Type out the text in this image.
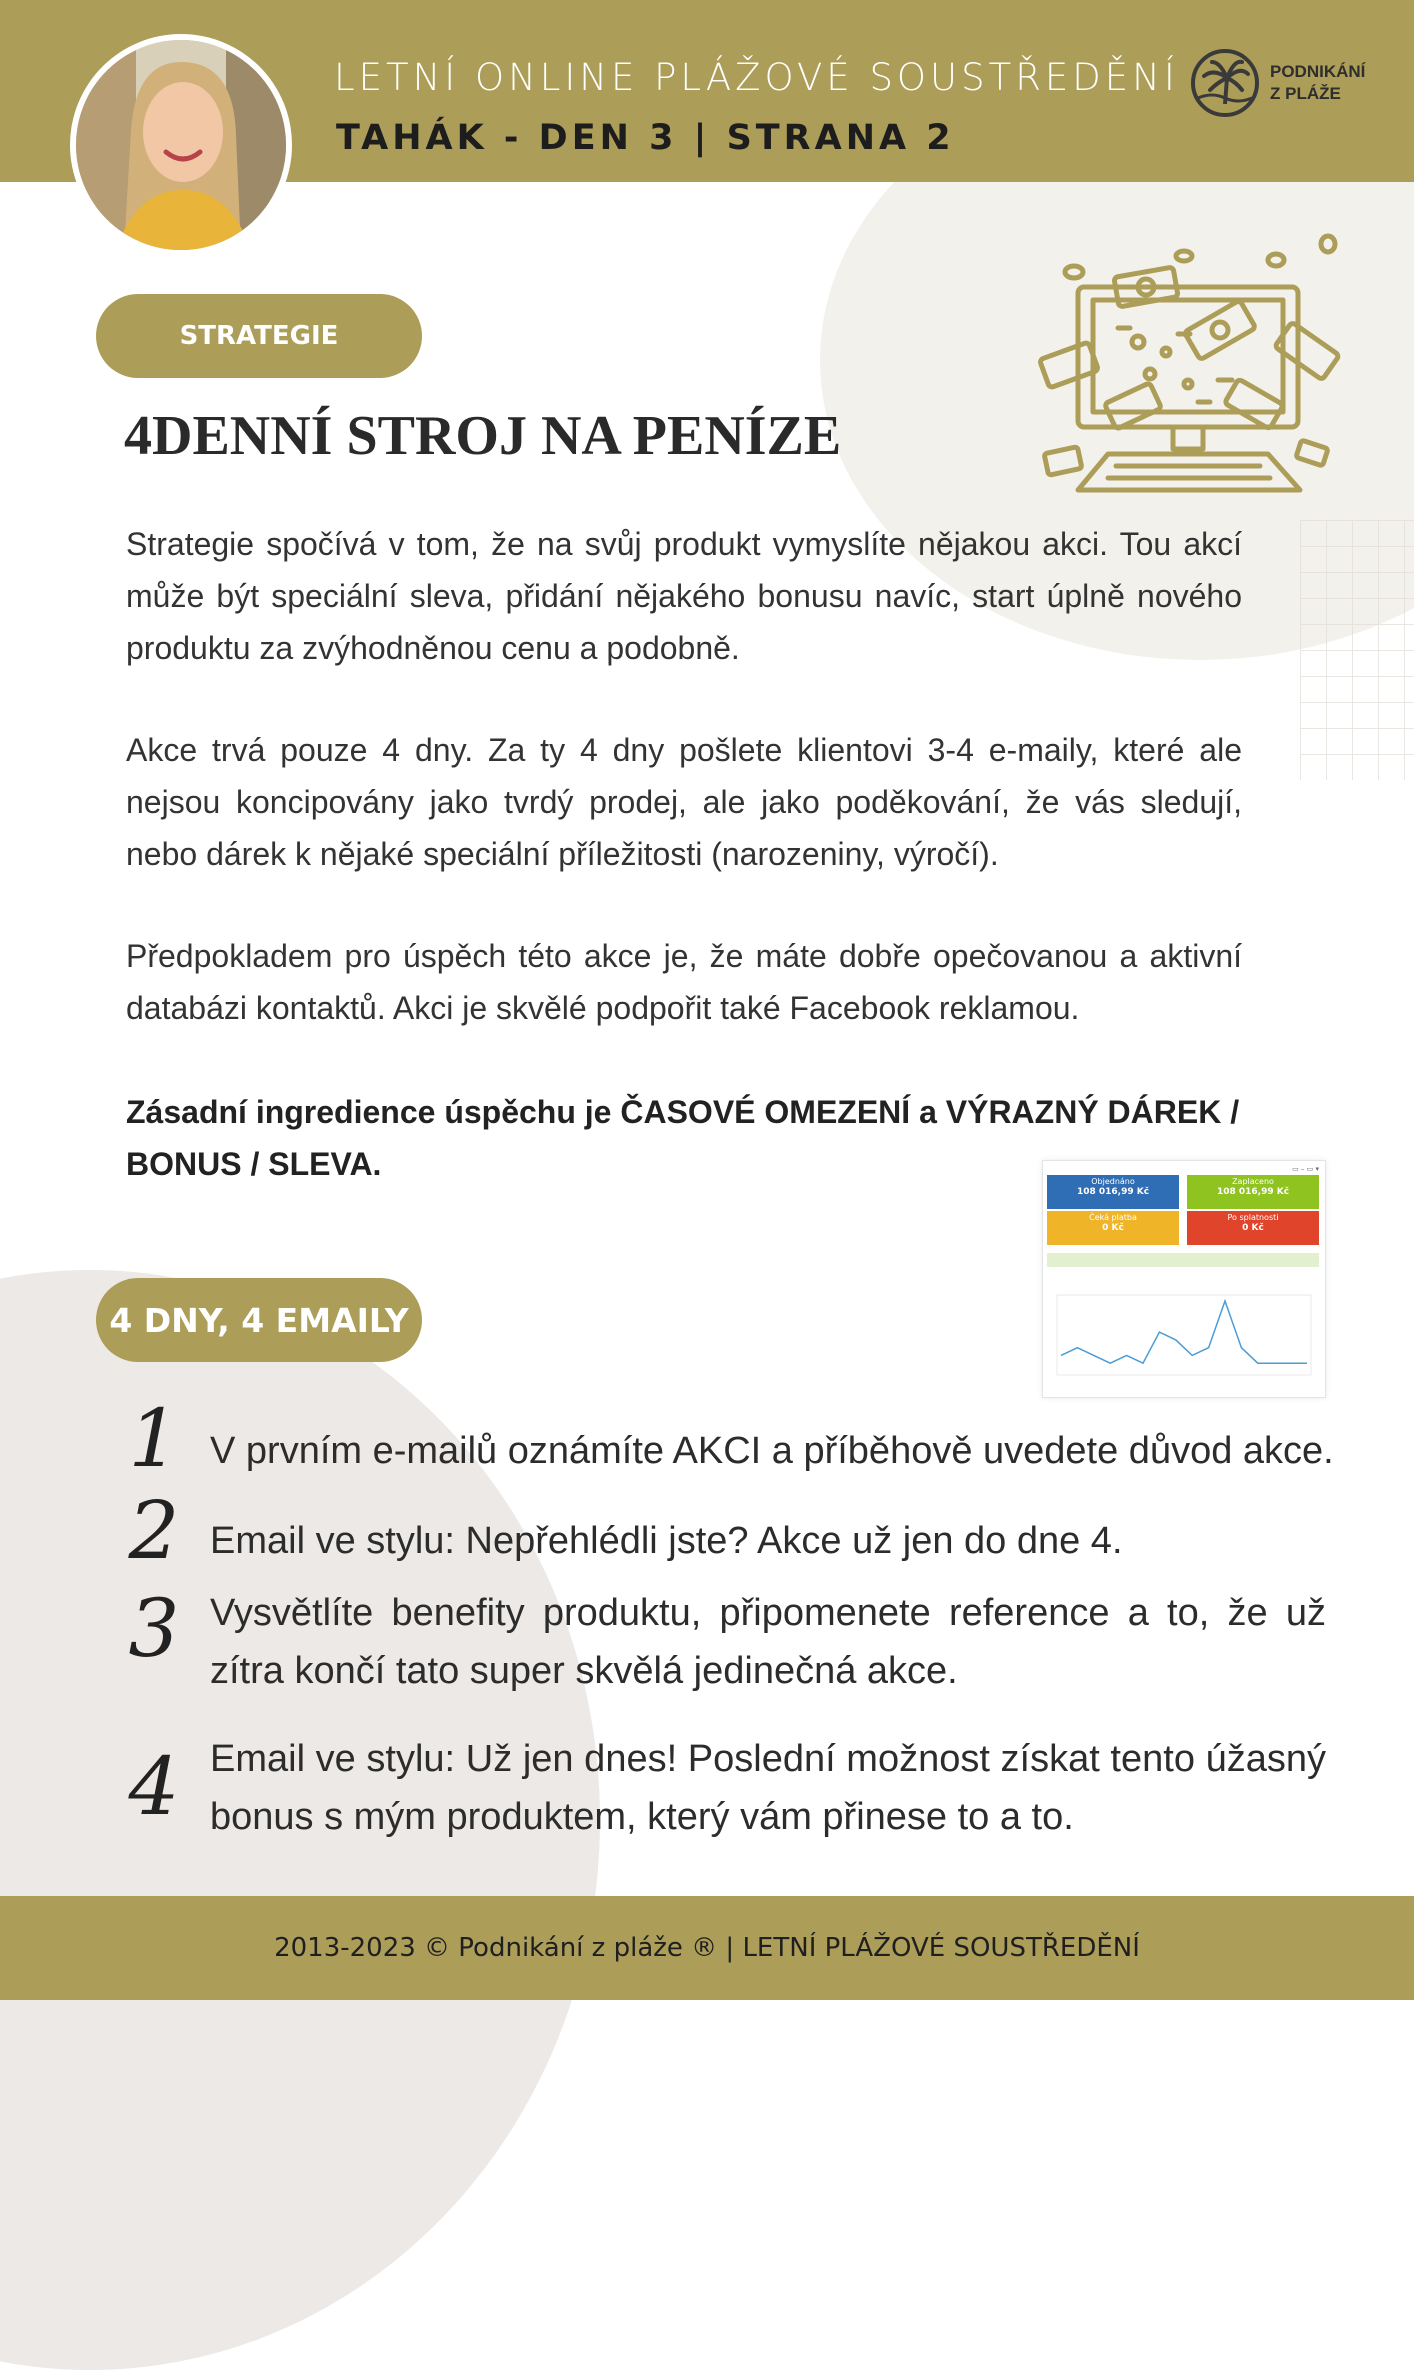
LETNÍ ONLINE PLÁŽOVÉ SOUSTŘEDĚNÍ
TAHÁK - DEN 3 | STRANA 2
PODNIKÁNÍ
Z PLÁŽE
STRATEGIE
4DENNÍ STROJ NA PENÍZE

Strategie spočívá v tom, že na svůj produkt vymyslíte nějakou akci. Tou akcí může být speciální sleva, přidání nějakého bonusu navíc, start úplně nového produktu za zvýhodněnou cenu a podobně.

Akce trvá pouze 4 dny. Za ty 4 dny pošlete klientovi 3-4 e-maily, které ale nejsou koncipovány jako tvrdý prodej, ale jako poděkování, že vás sledují, nebo dárek k nějaké speciální příležitosti (narozeniny, výročí).

Předpokladem pro úspěch této akce je, že máte dobře opečovanou a aktivní databázi kontaktů. Akci je skvělé podpořit také Facebook reklamou.

Zásadní ingredience úspěchu je ČASOVÉ OMEZENÍ a VÝRAZNÝ DÁREK / BONUS / SLEVA.	▭ – ▭ ▾
Objednáno
108 016,99 Kč
Zaplaceno
108 016,99 Kč
Čeká platba
0 Kč
Po splatnosti
0 Kč
4 DNY, 4 EMAILY
1 V prvním e-mailů oznámíte AKCI a příběhově uvedete důvod akce.
2 Email ve stylu: Nepřehlédli jste? Akce už jen do dne 4.
3 Vysvětlíte benefity produktu, připomenete reference a to, že už zítra končí tato super skvělá jedinečná akce.
4 Email ve stylu: Už jen dnes! Poslední možnost získat tento úžasný bonus s mým produktem, který vám přinese to a to.
2013-2023 © Podnikání z pláže ® | LETNÍ PLÁŽOVÉ SOUSTŘEDĚNÍ
